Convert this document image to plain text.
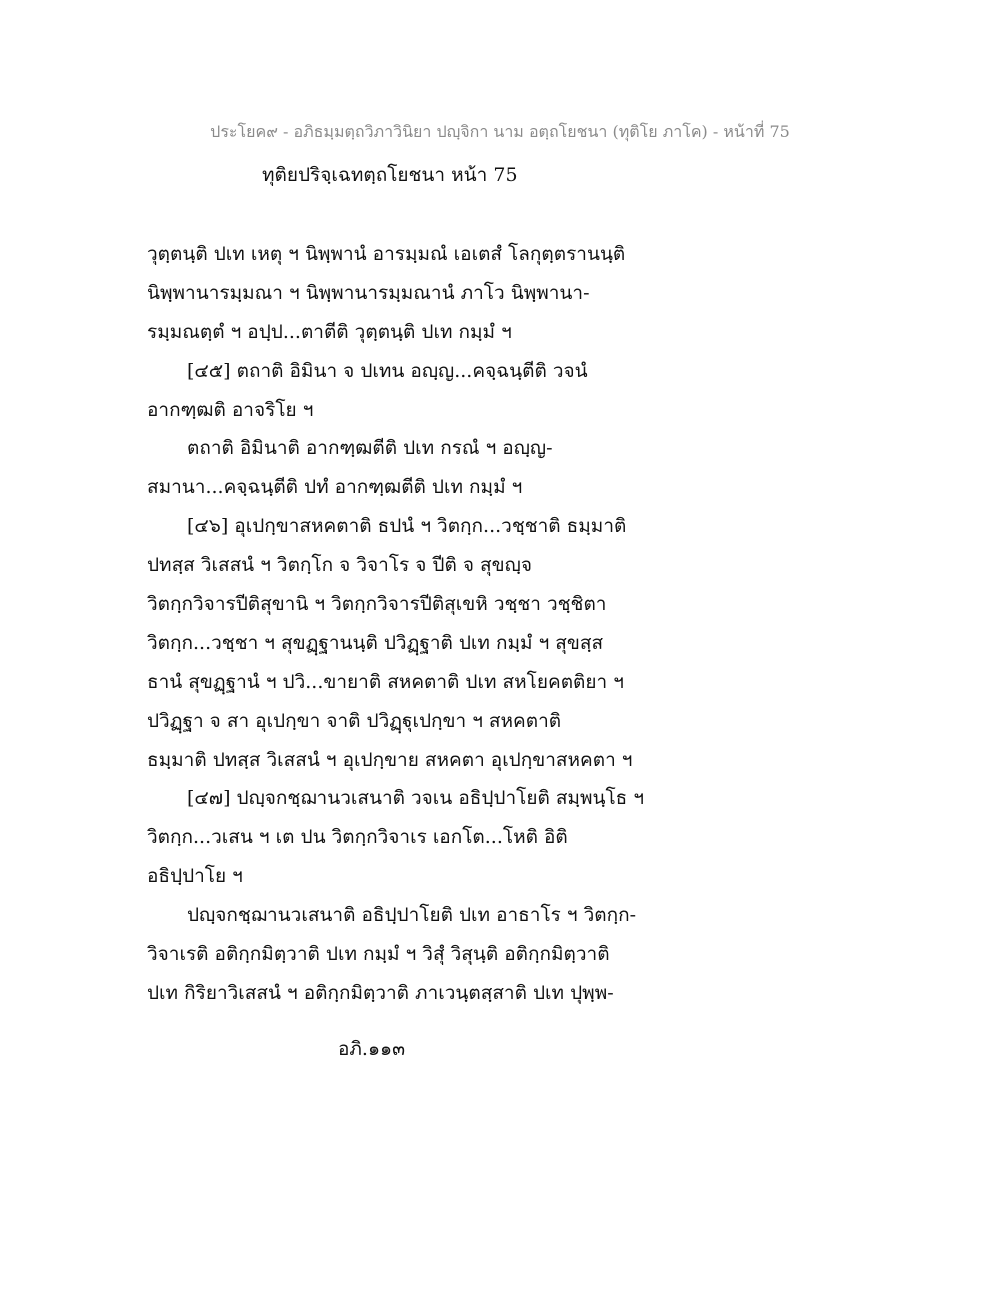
ประโยค๙ - อภิธมฺมตฺถวิภาวินิยา ปญฺจิกา นาม อตฺถโยชนา (ทุติโย ภาโค) - หน้าที่ 75
ทุติยปริจฺเฉทตฺถโยชนา หน้า 75
วุตฺตนฺติ ปเท เหตุ ฯ นิพฺพานํ อารมฺมณํ เอเตสํ โลกุตฺตรานนฺติ
นิพฺพานารมฺมณา ฯ นิพฺพานารมฺมณานํ ภาโว นิพฺพานา-
รมฺมณตฺตํ ฯ อปฺป...ตาตีติ วุตฺตนฺติ ปเท กมฺมํ ฯ
[๔๕] ตถาติ อิมินา จ ปเทน อญฺญ...คจฺฉนฺตีติ วจนํ
อากฑฺฒติ อาจริโย ฯ
ตถาติ อิมินาติ อากฑฺฒตีติ ปเท กรณํ ฯ อญฺญ-
สมานา...คจฺฉนฺตีติ ปทํ อากฑฺฒตีติ ปเท กมฺมํ ฯ
[๔๖] อุเปกฺขาสหคตาติ ธปนํ ฯ วิตกฺก...วชฺชาติ ธมฺมาติ
ปทสฺส วิเสสนํ ฯ วิตกฺโก จ วิจาโร จ ปีติ จ สุขญฺจ
วิตกฺกวิจารปีติสุขานิ ฯ วิตกฺกวิจารปีติสุเขหิ วชฺชา วชฺชิตา
วิตกฺก...วชฺชา ฯ สุขฏฺฐานนฺติ ปวิฏฺฐาติ ปเท กมฺมํ ฯ สุขสฺส
ธานํ สุขฏฺฐานํ ฯ ปวิ...ขายาติ สหคตาติ ปเท สหโยคตติยา ฯ
ปวิฏฺฐา จ สา อุเปกฺขา จาติ ปวิฏฺฐุเปกฺขา ฯ สหคตาติ
ธมฺมาติ ปทสฺส วิเสสนํ ฯ อุเปกฺขาย สหคตา อุเปกฺขาสหคตา ฯ
[๔๗] ปญฺจกชฺฌานวเสนาติ วจเน อธิปฺปาโยติ สมฺพนฺโธ ฯ
วิตกฺก...วเสน ฯ เต ปน วิตกฺกวิจาเร เอกโต...โหติ อิติ
อธิปฺปาโย ฯ
ปญฺจกชฺฌานวเสนาติ อธิปฺปาโยติ ปเท อาธาโร ฯ วิตกฺก-
วิจาเรติ อติกฺกมิตฺวาติ ปเท กมฺมํ ฯ วิสุํ วิสุนฺติ อติกฺกมิตฺวาติ
ปเท กิริยาวิเสสนํ ฯ อติกฺกมิตฺวาติ ภาเวนฺตสฺสาติ ปเท ปุพฺพ-
อภิ.๑๑๓
